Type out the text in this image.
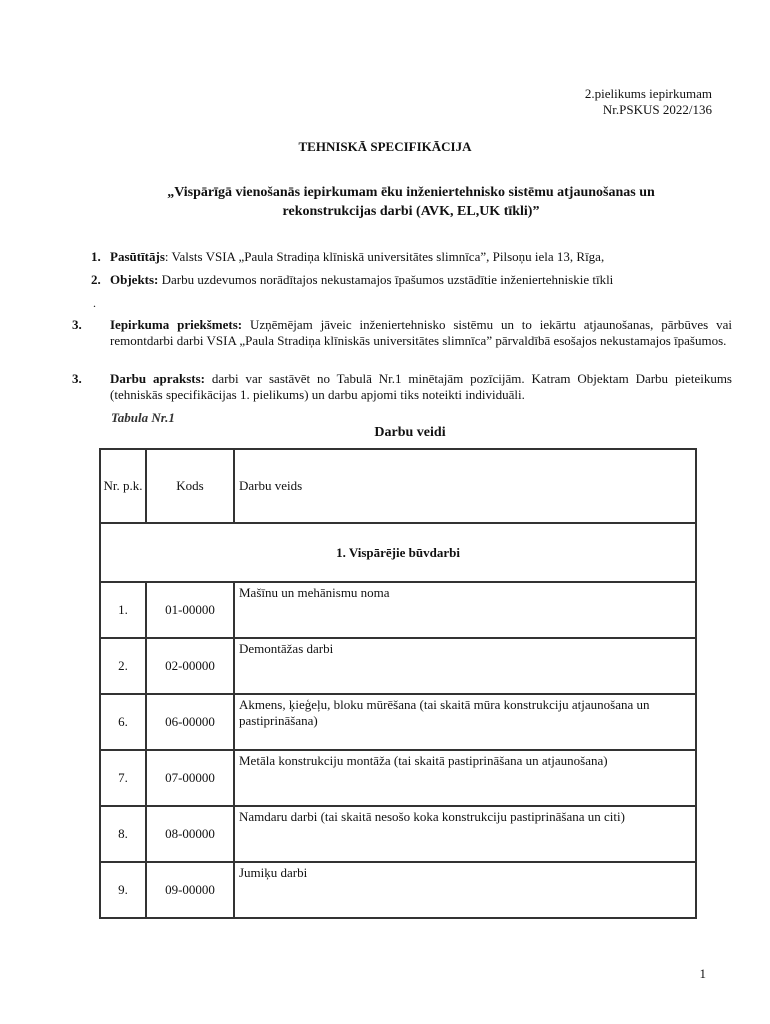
2.pielikums iepirkumam
Nr.PSKUS 2022/136
TEHNISKĀ SPECIFIKĀCIJA
„Vispārīgā vienošanās iepirkumam ēku inženiertehnisko sistēmu atjaunošanas un
rekonstrukcijas darbi (AVK, EL,UK tīkli)”
1. Pasūtītājs: Valsts VSIA „Paula Stradiņa klīniskā universitātes slimnīca”, Pilsoņu iela 13, Rīga,
2. Objekts: Darbu uzdevumos norādītajos nekustamajos īpašumos uzstādītie inženiertehniskie tīkli
.
3. Iepirkuma priekšmets: Uzņēmējam jāveic inženiertehnisko sistēmu un to iekārtu atjaunošanas, pārbūves vai remontdarbi darbi VSIA „Paula Stradiņa klīniskās universitātes slimnīca” pārvaldībā esošajos nekustamajos īpašumos.
3. Darbu apraksts: darbi var sastāvēt no Tabulā Nr.1 minētajām pozīcijām. Katram Objektam Darbu pieteikums (tehniskās specifikācijas 1. pielikums) un darbu apjomi tiks noteikti individuāli.
Tabula Nr.1
Darbu veidi
Nr. p.k.	Kods	Darbu veids
1. Vispārējie būvdarbi		
1.	01-00000	Mašīnu un mehānismu noma

2.	02-00000	Demontāžas darbi

6.	06-00000	Akmens, ķieģeļu, bloku mūrēšana (tai skaitā mūra konstrukciju atjaunošana un pastiprināšana)

7.	07-00000	Metāla konstrukciju montāža (tai skaitā pastiprināšana un atjaunošana)

8.	08-00000	Namdaru darbi (tai skaitā nesošo koka konstrukciju pastiprināšana un citi)

9.	09-00000	Jumiķu darbi
1
